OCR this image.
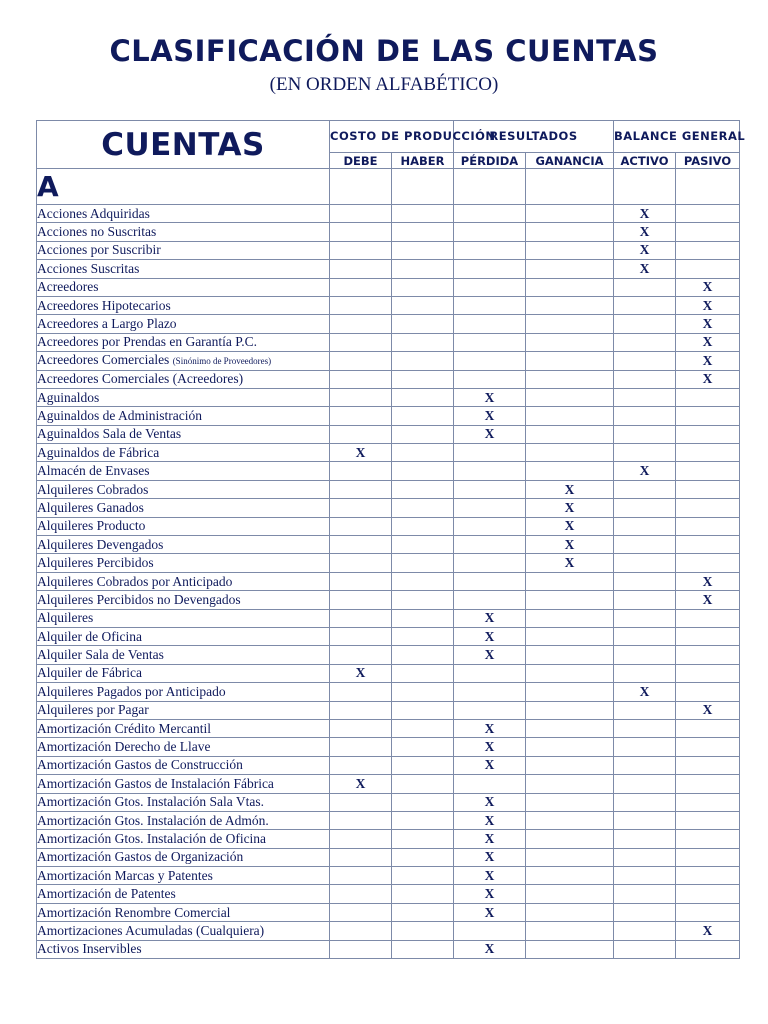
CLASIFICACIÓN DE LAS CUENTAS
(EN ORDEN ALFABÉTICO)
CUENTAS	COSTO DE PRODUCCIÓN		RESULTADOS		BALANCE GENERAL	
	DEBE	HABER	PÉRDIDA	GANANCIA	ACTIVO	PASIVO
A						
Acciones Adquiridas					X	
Acciones no Suscritas					X	
Acciones por Suscribir					X	
Acciones Suscritas					X	
Acreedores						X
Acreedores Hipotecarios						X
Acreedores a Largo Plazo						X
Acreedores por Prendas en Garantía P.C.						X
Acreedores Comerciales (Sinónimo de Proveedores)						X
Acreedores Comerciales (Acreedores)						X
Aguinaldos			X			
Aguinaldos de Administración			X			
Aguinaldos Sala de Ventas			X			
Aguinaldos de Fábrica	X					
Almacén de Envases					X	
Alquileres Cobrados				X		
Alquileres Ganados				X		
Alquileres Producto				X		
Alquileres Devengados				X		
Alquileres Percibidos				X		
Alquileres Cobrados por Anticipado						X
Alquileres Percibidos no Devengados						X
Alquileres			X			
Alquiler de Oficina			X			
Alquiler Sala de Ventas			X			
Alquiler de Fábrica	X					
Alquileres Pagados por Anticipado					X	
Alquileres por Pagar						X
Amortización Crédito Mercantil			X			
Amortización Derecho de Llave			X			
Amortización Gastos de Construcción			X			
Amortización Gastos de Instalación Fábrica	X					
Amortización Gtos. Instalación Sala Vtas.			X			
Amortización Gtos. Instalación de Admón.			X			
Amortización Gtos. Instalación de Oficina			X			
Amortización Gastos de Organización			X			
Amortización Marcas y Patentes			X			
Amortización de Patentes			X			
Amortización Renombre Comercial			X			
Amortizaciones Acumuladas (Cualquiera)						X
Activos Inservibles			X			
